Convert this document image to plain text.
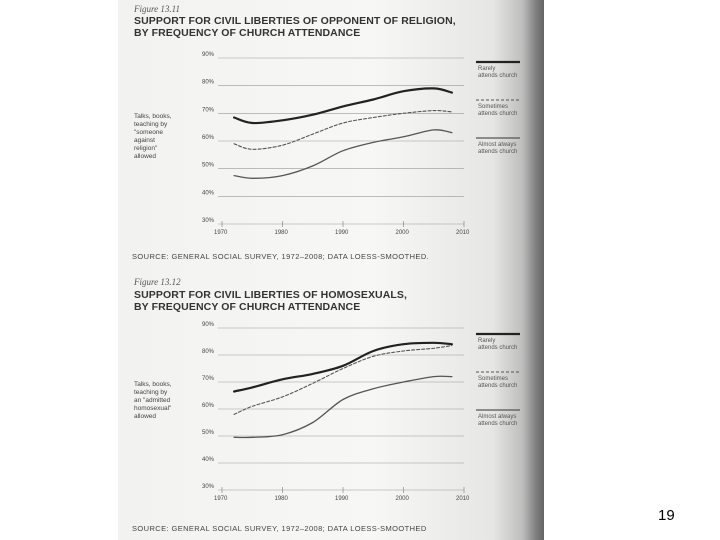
Figure 13.11
SUPPORT FOR CIVIL LIBERTIES OF OPPONENT OF RELIGION,
BY FREQUENCY OF CHURCH ATTENDANCE
30%
40%
50%
60%
70%
80%
90%
1970	1980	1990	2000	2010
Rarely
attends church
Sometimes
attends church
Almost always
attends church
Talks, books,
teaching by
"someone
against
religion"
allowed
SOURCE: GENERAL SOCIAL SURVEY, 1972–2008; DATA LOESS-SMOOTHED.
Figure 13.12
SUPPORT FOR CIVIL LIBERTIES OF HOMOSEXUALS,
BY FREQUENCY OF CHURCH ATTENDANCE
30%
40%
50%
60%
70%
80%
90%
1970	1980	1990	2000	2010
Rarely
attends church
Sometimes
attends church
Almost always
attends church
Talks, books,
teaching by
an "admitted
homosexual"
allowed
SOURCE: GENERAL SOCIAL SURVEY, 1972–2008; DATA LOESS-SMOOTHED
19
